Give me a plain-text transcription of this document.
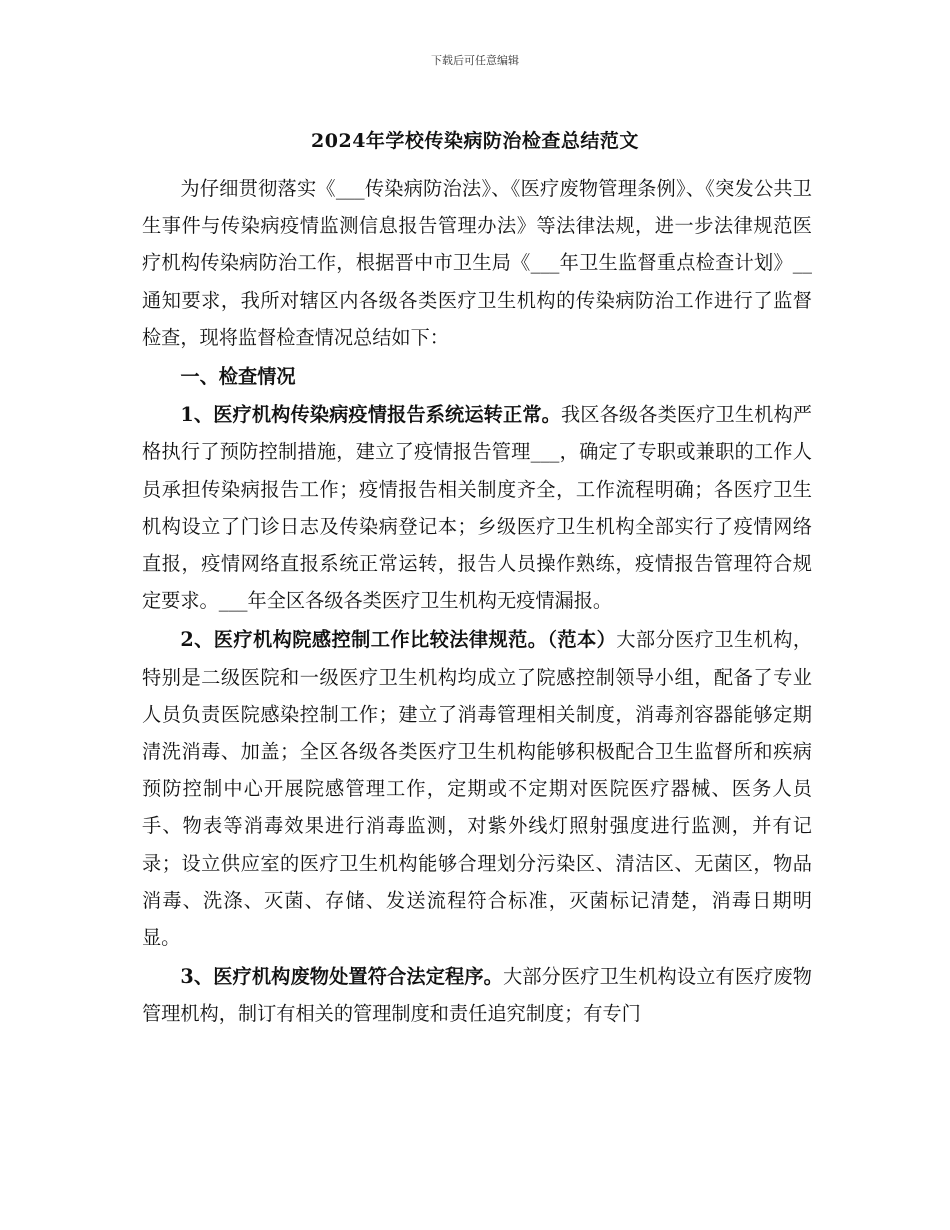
下载后可任意编辑
2024年学校传染病防治检查总结范文

为仔细贯彻落实《___传染病防治法》、《医疗废物管理条例》、《突发公共卫生事件与传染病疫情监测信息报告管理办法》等法律法规，进一步法律规范医疗机构传染病防治工作，根据晋中市卫生局《___年卫生监督重点检查计划》__通知要求，我所对辖区内各级各类医疗卫生机构的传染病防治工作进行了监督检查，现将监督检查情况总结如下：

一、检查情况

1、医疗机构传染病疫情报告系统运转正常。我区各级各类医疗卫生机构严格执行了预防控制措施，建立了疫情报告管理___，确定了专职或兼职的工作人员承担传染病报告工作；疫情报告相关制度齐全，工作流程明确；各医疗卫生机构设立了门诊日志及传染病登记本；乡级医疗卫生机构全部实行了疫情网络直报，疫情网络直报系统正常运转，报告人员操作熟练，疫情报告管理符合规定要求。___年全区各级各类医疗卫生机构无疫情漏报。

2、医疗机构院感控制工作比较法律规范。（范本）大部分医疗卫生机构，特别是二级医院和一级医疗卫生机构均成立了院感控制领导小组，配备了专业人员负责医院感染控制工作；建立了消毒管理相关制度，消毒剂容器能够定期清洗消毒、加盖；全区各级各类医疗卫生机构能够积极配合卫生监督所和疾病预防控制中心开展院感管理工作，定期或不定期对医院医疗器械、医务人员手、物表等消毒效果进行消毒监测，对紫外线灯照射强度进行监测，并有记录；设立供应室的医疗卫生机构能够合理划分污染区、清洁区、无菌区，物品消毒、洗涤、灭菌、存储、发送流程符合标准，灭菌标记清楚，消毒日期明显。

3、医疗机构废物处置符合法定程序。大部分医疗卫生机构设立有医疗废物管理机构，制订有相关的管理制度和责任追究制度；有专门
